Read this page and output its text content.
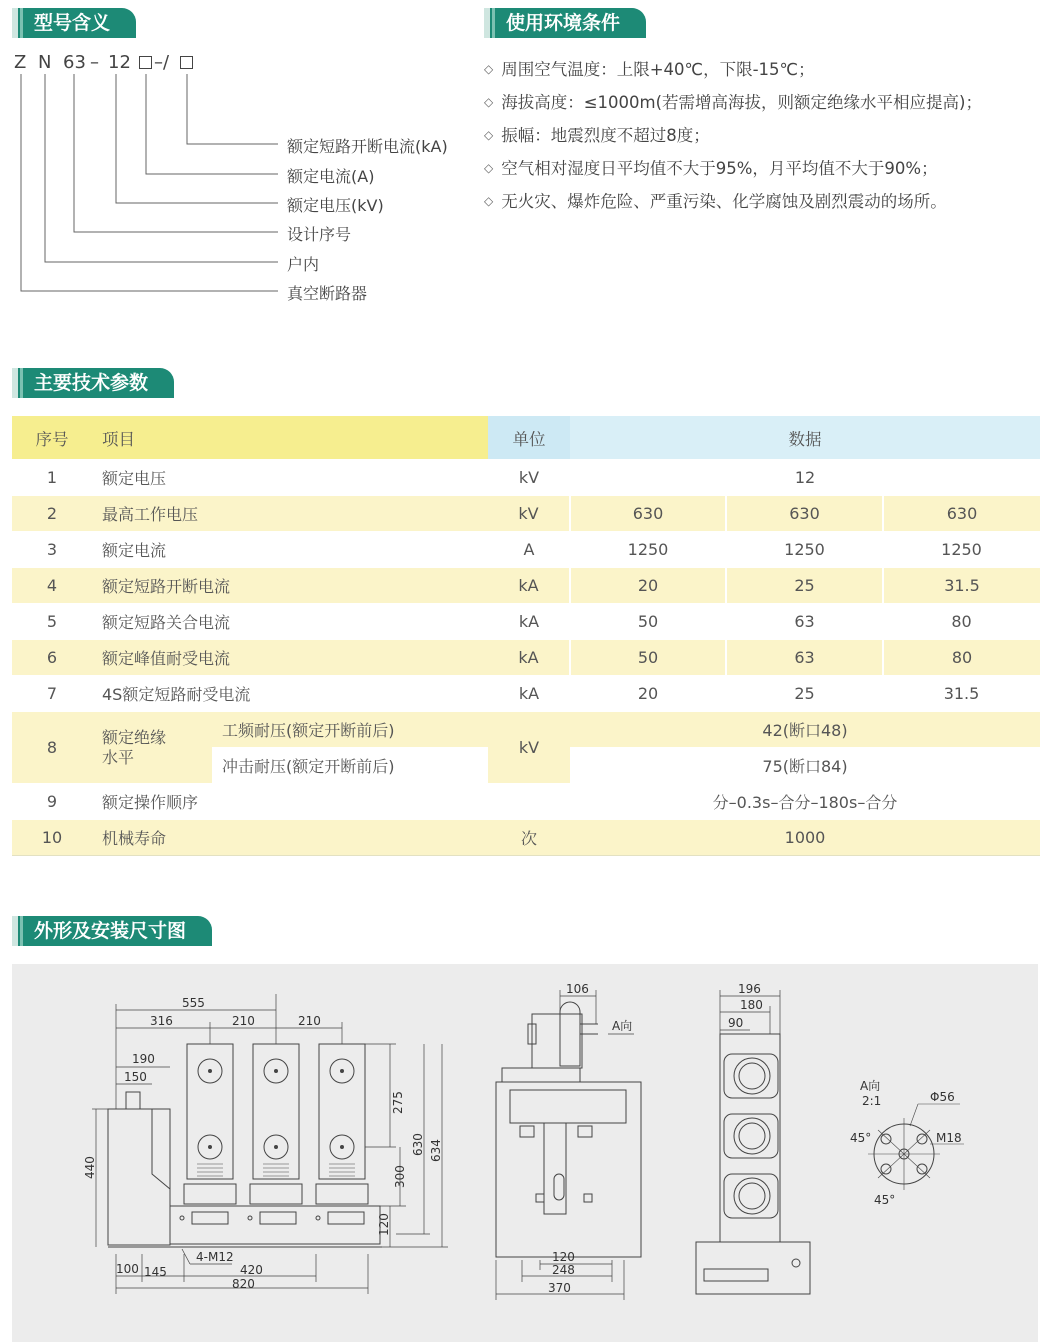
型号含义
Z N 63 – 12 –/
额定短路开断电流(kA)
额定电流(A)
额定电压(kV)
设计序号
户内
真空断路器
使用环境条件
◇ 周围空气温度：上限+40℃，下限-15℃；
◇ 海拔高度：≤1000m(若需增高海拔，则额定绝缘水平相应提高)；
◇ 振幅：地震烈度不超过8度；
◇ 空气相对湿度日平均值不大于95%，月平均值不大于90%；
◇ 无火灾、爆炸危险、严重污染、化学腐蚀及剧烈震动的场所。
主要技术参数
序号	项目		单位	数据		
1	额定电压		kV	12		
2	最高工作电压		kV	630	630	630
3	额定电流		A	1250	1250	1250
4	额定短路开断电流		kA	20	25	31.5
5	额定短路关合电流		kA	50	63	80
6	额定峰值耐受电流		kA	50	63	80
7	4S额定短路耐受电流		kA	20	25	31.5
8	额定绝缘水平	工频耐压(额定开断前后)	kV	42(断口48)		
		冲击耐压(额定开断前后)		75(断口84)		
9	额定操作顺序			分–0.3s–合分–180s–合分		
10	机械寿命		次	1000		
外形及安装尺寸图
555
316	210	210
190
150
440
275
630 634
300
120
4-M12
100 145	420
820
106
A向
120
248
370
196
180
90
A向
2:1	Φ56
M18
45°
45°
